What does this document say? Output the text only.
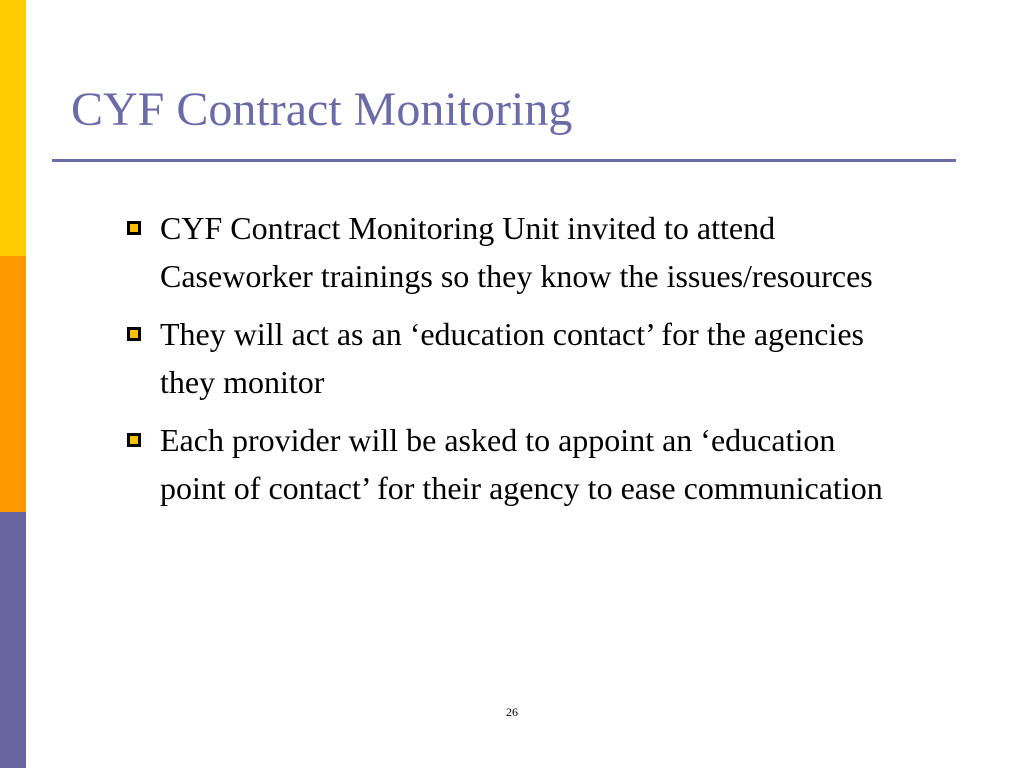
CYF Contract Monitoring
CYF Contract Monitoring Unit invited to attend Caseworker trainings so they know the issues/resources
They will act as an ‘education contact’ for the agencies they monitor
Each provider will be asked to appoint an ‘education point of contact’ for their agency to ease communication
26
